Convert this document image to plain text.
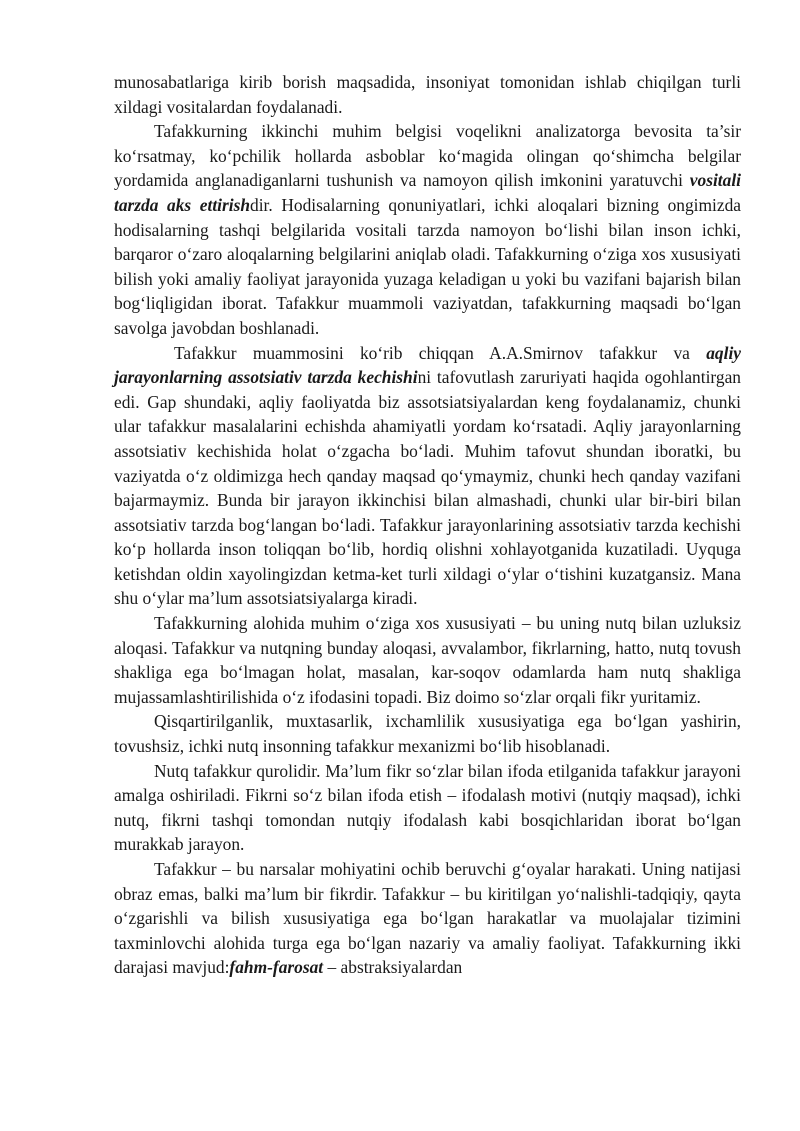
munosabatlariga kirib borish maqsadida, insoniyat tomonidan ishlab chiqilgan turli xildagi vositalardan foydalanadi.

Tafakkurning ikkinchi muhim belgisi voqelikni analizatorga bevosita ta’sir ko‘rsatmay, ko‘pchilik hollarda asboblar ko‘magida olingan qo‘shimcha belgilar yordamida anglanadiganlarni tushunish va namoyon qilish imkonini yaratuvchi vositali tarzda aks ettirishdir. Hodisalarning qonuniyatlari, ichki aloqalari bizning ongimizda hodisalarning tashqi belgilarida vositali tarzda namoyon bo‘lishi bilan inson ichki, barqaror o‘zaro aloqalarning belgilarini aniqlab oladi. Tafakkurning o‘ziga xos xususiyati bilish yoki amaliy faoliyat jarayonida yuzaga keladigan u yoki bu vazifani bajarish bilan bog‘liqligidan iborat. Tafakkur muammoli vaziyatdan, tafakkurning maqsadi bo‘lgan savolga javobdan boshlanadi.

Tafakkur muammosini ko‘rib chiqqan A.A.Smirnov tafakkur va aqliy jarayonlarning assotsiativ tarzda kechishini tafovutlash zaruriyati haqida ogohlantirgan edi. Gap shundaki, aqliy faoliyatda biz assotsiatsiyalardan keng foydalanamiz, chunki ular tafakkur masalalarini echishda ahamiyatli yordam ko‘rsatadi. Aqliy jarayonlarning assotsiativ kechishida holat o‘zgacha bo‘ladi. Muhim tafovut shundan iboratki, bu vaziyatda o‘z oldimizga hech qanday maqsad qo‘ymaymiz, chunki hech qanday vazifani bajarmaymiz. Bunda bir jarayon ikkinchisi bilan almashadi, chunki ular bir-biri bilan assotsiativ tarzda bog‘langan bo‘ladi. Tafakkur jarayonlarining assotsiativ tarzda kechishi ko‘p hollarda inson toliqqan bo‘lib, hordiq olishni xohlayotganida kuzatiladi. Uyquga ketishdan oldin xayolingizdan ketma-ket turli xildagi o‘ylar o‘tishini kuzatgansiz. Mana shu o‘ylar ma’lum assotsiatsiyalarga kiradi.

Tafakkurning alohida muhim o‘ziga xos xususiyati – bu uning nutq bilan uzluksiz aloqasi. Tafakkur va nutqning bunday aloqasi, avvalambor, fikrlarning, hatto, nutq tovush shakliga ega bo‘lmagan holat, masalan, kar-soqov odamlarda ham nutq shakliga mujassamlashtirilishida o‘z ifodasini topadi. Biz doimo so‘zlar orqali fikr yuritamiz.

Qisqartirilganlik, muxtasarlik, ixchamlilik xususiyatiga ega bo‘lgan yashirin, tovushsiz, ichki nutq insonning tafakkur mexanizmi bo‘lib hisoblanadi.

Nutq tafakkur qurolidir. Ma’lum fikr so‘zlar bilan ifoda etilganida tafakkur jarayoni amalga oshiriladi. Fikrni so‘z bilan ifoda etish – ifodalash motivi (nutqiy maqsad), ichki nutq, fikrni tashqi tomondan nutqiy ifodalash kabi bosqichlaridan iborat bo‘lgan murakkab jarayon.

Tafakkur – bu narsalar mohiyatini ochib beruvchi g‘oyalar harakati. Uning natijasi obraz emas, balki ma’lum bir fikrdir. Tafakkur – bu kiritilgan yo‘nalishli-tadqiqiy, qayta o‘zgarishli va bilish xususiyatiga ega bo‘lgan harakatlar va muolajalar tizimini taxminlovchi alohida turga ega bo‘lgan nazariy va amaliy faoliyat. Tafakkurning ikki darajasi mavjud:fahm-farosat – abstraksiyalardan
